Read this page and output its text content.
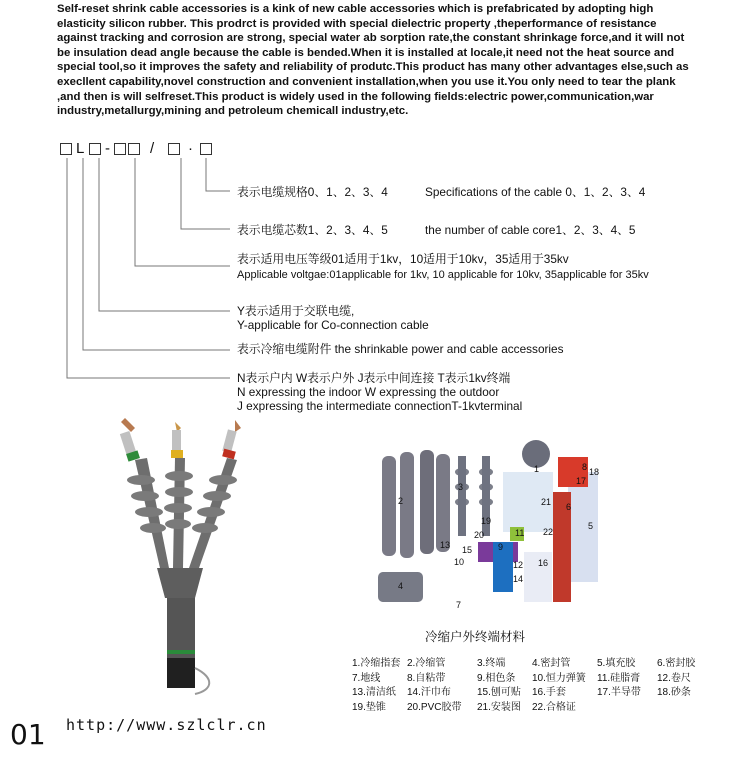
Self-reset shrink cable accessories is a kink of new cable accessories which is prefabricated by adopting high elasticity silicon rubber. This prodrct is provided with special dielectric property ,theperformance of resistance against tracking and corrosion are strong, special water ab sorption rate,the constant shrinkage force,and it will not be insulation dead angle because the cable is bended.When it is installed at locale,it need not the heat source and special tool,so it improves the safety and reliability of produtc.This product has many other advantages else,such as execllent capability,novel construction and convenient installation,when you use it.You only need to tear the plank ,and then is will selfreset.This product is widely used in the following fields:electric power,communication,war industry,metallurgy,mining and petroleum chemicall industry,etc.

L -	/ ·
表示电缆规格0、1、2、3、4	Specifications of the cable 0、1、2、3、4
表示电缆芯数1、2、3、4、5	the number of cable core1、2、3、4、5
表示适用电压等级01适用于1kv，10适用于10kv，35适用于35kv
Applicable voltgae:01applicable for 1kv, 10 applicable for 10kv, 35applicable for 35kv
Y表示适用于交联电缆,
Y-applicable for Co-connection cable
表示冷缩电缆附件 the shrinkable power and cable accessories
N表示户内 W表示户外 J表示中间连接 T表示1kv终端
N expressing the indoor W expressing the outdoor
J expressing the intermediate connectionT-1kvterminal
1
2
3
4
5
6
7
8
9
10
11
12
13
14
15
16
17
18
19
20
21
22
冷缩户外终端材料
1.冷缩指套 2.冷缩管	3.终端	4.密封管	5.填充胶 6.密封胶
7.地线	8.自粘带	9.相色条 10.恒力弹簧 11.硅脂膏 12.卷尺
13.清洁纸 14.汗巾布	15.刨可贴 16.手套	17.半导带 18.砂条
19.垫锥 20.PVC胶带 21.安装图 22.合格证
01 http://www.szlclr.cn
